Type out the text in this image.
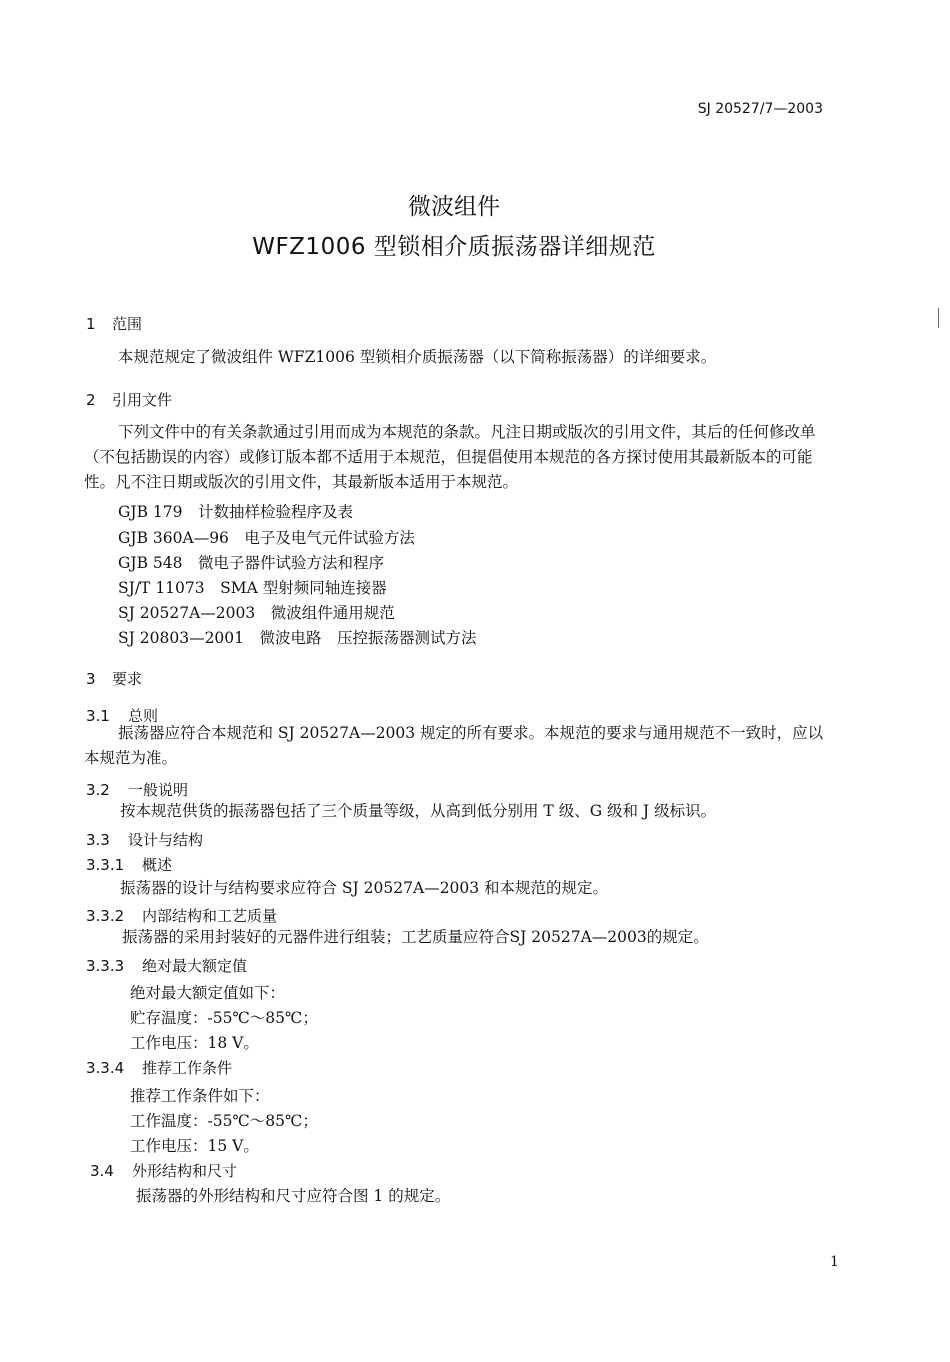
SJ 20527/7—2003
微波组件
WFZ1006 型锁相介质振荡器详细规范
1 范围
本规范规定了微波组件 WFZ1006 型锁相介质振荡器（以下简称振荡器）的详细要求。
2 引用文件
下列文件中的有关条款通过引用而成为本规范的条款。凡注日期或版次的引用文件，其后的任何修改单（不包括勘误的内容）或修订版本都不适用于本规范，但提倡使用本规范的各方探讨使用其最新版本的可能性。凡不注日期或版次的引用文件，其最新版本适用于本规范。
GJB 179　计数抽样检验程序及表
GJB 360A—96　电子及电气元件试验方法
GJB 548　微电子器件试验方法和程序
SJ/T 11073　SMA 型射频同轴连接器
SJ 20527A—2003　微波组件通用规范
SJ 20803—2001　微波电路　压控振荡器测试方法
3 要求
3.1 总则
振荡器应符合本规范和 SJ 20527A—2003 规定的所有要求。本规范的要求与通用规范不一致时，应以本规范为准。
3.2 一般说明
按本规范供货的振荡器包括了三个质量等级，从高到低分别用 T 级、G 级和 J 级标识。
3.3 设计与结构
3.3.1 概述
振荡器的设计与结构要求应符合 SJ 20527A—2003 和本规范的规定。
3.3.2 内部结构和工艺质量
振荡器的采用封装好的元器件进行组装；工艺质量应符合SJ 20527A—2003的规定。
3.3.3 绝对最大额定值
绝对最大额定值如下：
贮存温度：-55℃～85℃；
工作电压：18 V。
3.3.4 推荐工作条件
推荐工作条件如下：
工作温度：-55℃～85℃；
工作电压：15 V。
3.4 外形结构和尺寸
振荡器的外形结构和尺寸应符合图 1 的规定。
1
